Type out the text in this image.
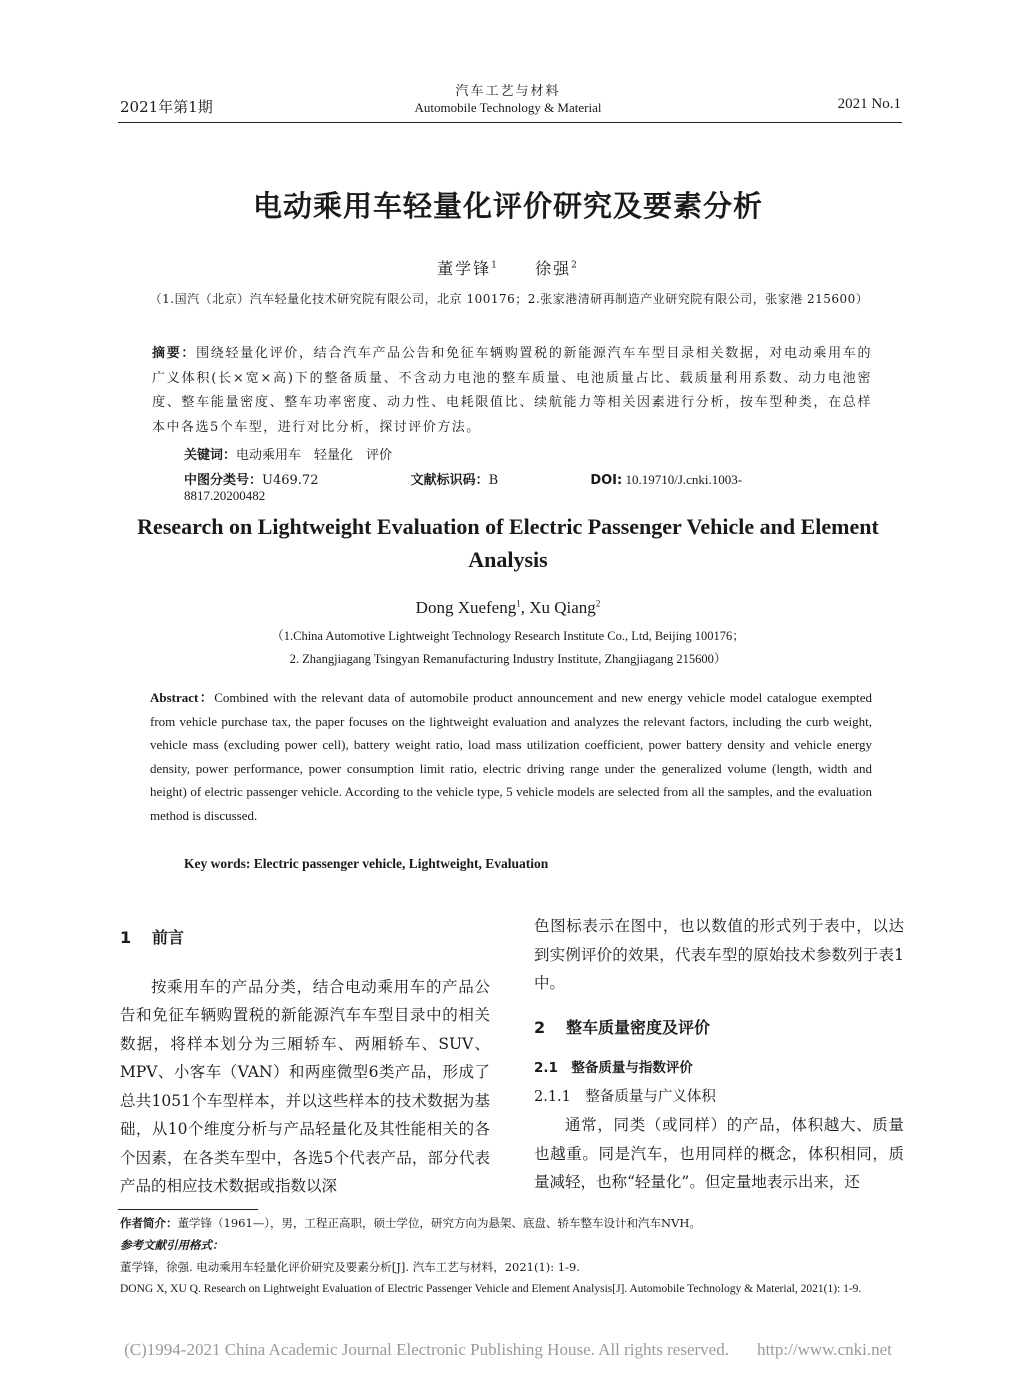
2021年第1期
汽车工艺与材料
Automobile Technology & Material	2021 No.1
电动乘用车轻量化评价研究及要素分析
董学锋$^1$ 徐强$^2$
（1.国汽（北京）汽车轻量化技术研究院有限公司，北京 100176；2.张家港清研再制造产业研究院有限公司，张家港 215600）
摘要：围绕轻量化评价，结合汽车产品公告和免征车辆购置税的新能源汽车车型目录相关数据，对电动乘用车的广义体积(长×宽×高)下的整备质量、不含动力电池的整车质量、电池质量占比、载质量利用系数、动力电池密度、整车能量密度、整车功率密度、动力性、电耗限值比、续航能力等相关因素进行分析，按车型种类，在总样本中各选5个车型，进行对比分析，探讨评价方法。
关键词：电动乘用车　轻量化　评价
中图分类号：U469.72	文献标识码：B	DOI: 10.19710/J.cnki.1003-8817.20200482
Research on Lightweight Evaluation of Electric Passenger Vehicle and Element Analysis
Dong Xuefeng$^1$, Xu Qiang$^2$
（1.China Automotive Lightweight Technology Research Institute Co., Ltd, Beijing 100176；
2. Zhangjiagang Tsingyan Remanufacturing Industry Institute, Zhangjiagang 215600）
Abstract：Combined with the relevant data of automobile product announcement and new energy vehicle model catalogue exempted from vehicle purchase tax, the paper focuses on the lightweight evaluation and analyzes the relevant factors, including the curb weight, vehicle mass (excluding power cell), battery weight ratio, load mass utilization coefficient, power battery density and vehicle energy density, power performance, power consumption limit ratio, electric driving range under the generalized volume (length, width and height) of electric passenger vehicle. According to the vehicle type, 5 vehicle models are selected from all the samples, and the evaluation method is discussed.
Key words: Electric passenger vehicle, Lightweight, Evaluation
1 前言

按乘用车的产品分类，结合电动乘用车的产品公告和免征车辆购置税的新能源汽车车型目录中的相关数据，将样本划分为三厢轿车、两厢轿车、SUV、MPV、小客车（VAN）和两座微型6类产品，形成了总共1051个车型样本，并以这些样本的技术数据为基础，从10个维度分析与产品轻量化及其性能相关的各个因素，在各类车型中，各选5个代表产品，部分代表产品的相应技术数据或指数以深

色图标表示在图中，也以数值的形式列于表中，以达到实例评价的效果，代表车型的原始技术参数列于表1中。

2 整车质量密度及评价
2.1　整备质量与指数评价
2.1.1　整备质量与广义体积

通常，同类（或同样）的产品，体积越大、质量也越重。同是汽车，也用同样的概念，体积相同，质量减轻，也称“轻量化”。但定量地表示出来，还

作者简介：董学锋（1961—），男，工程正高职，硕士学位，研究方向为悬架、底盘、轿车整车设计和汽车NVH。
参考文献引用格式：
董学锋，徐强. 电动乘用车轻量化评价研究及要素分析[J]. 汽车工艺与材料，2021(1): 1-9.
DONG X, XU Q. Research on Lightweight Evaluation of Electric Passenger Vehicle and Element Analysis[J]. Automobile Technology & Material, 2021(1): 1-9.
(C)1994-2021 China Academic Journal Electronic Publishing House. All rights reserved. http://www.cnki.net
